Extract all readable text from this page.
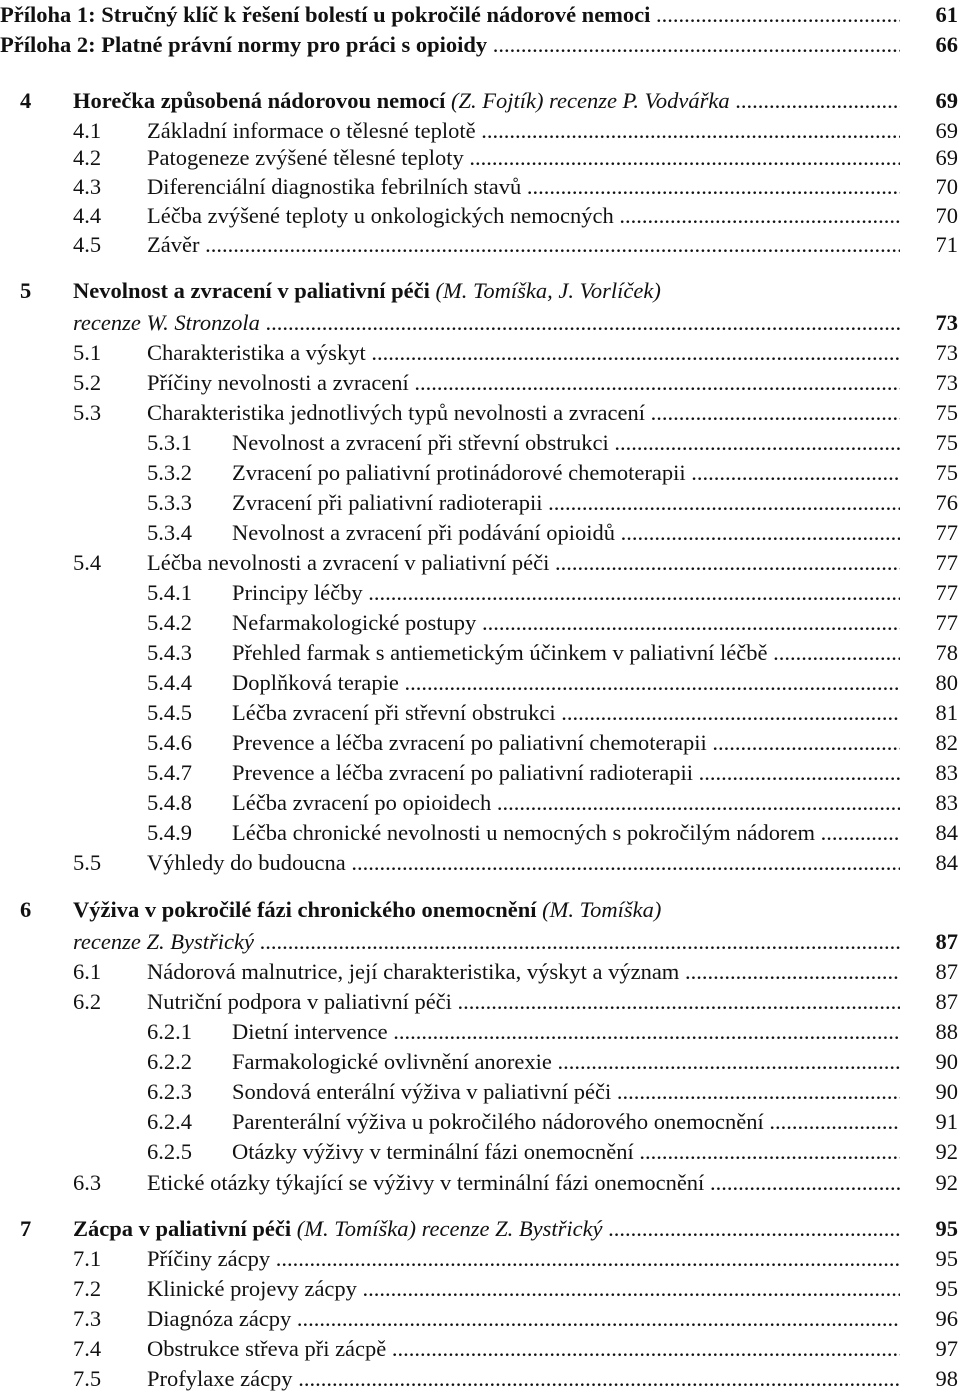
Příloha 1: Stručný klíč k řešení bolestí u pokročilé nádorové nemoci .....	61
Příloha 2: Platné právní normy pro práci s opioidy .....	66
4 Horečka způsobená nádorovou nemocí (Z. Fojtík) recenze P. Vodvářka .....	69
4.1 Základní informace o tělesné teplotě .....	69
4.2 Patogeneze zvýšené tělesné teploty .....	69
4.3 Diferenciální diagnostika febrilních stavů .....	70
4.4 Léčba zvýšené teploty u onkologických nemocných .....	70
4.5 Závěr .....	71
5 Nevolnost a zvracení v paliativní péči (M. Tomíška, J. Vorlíček)
recenze W. Stronzola .....	73
5.1 Charakteristika a výskyt .....	73
5.2 Příčiny nevolnosti a zvracení .....	73
5.3 Charakteristika jednotlivých typů nevolnosti a zvracení .....	75
5.3.1 Nevolnost a zvracení při střevní obstrukci .....	75
5.3.2 Zvracení po paliativní protinádorové chemoterapii .....	75
5.3.3 Zvracení při paliativní radioterapii .....	76
5.3.4 Nevolnost a zvracení při podávání opioidů .....	77
5.4 Léčba nevolnosti a zvracení v paliativní péči .....	77
5.4.1 Principy léčby .....	77
5.4.2 Nefarmakologické postupy .....	77
5.4.3 Přehled farmak s antiemetickým účinkem v paliativní léčbě .....	78
5.4.4 Doplňková terapie .....	80
5.4.5 Léčba zvracení při střevní obstrukci .....	81
5.4.6 Prevence a léčba zvracení po paliativní chemoterapii .....	82
5.4.7 Prevence a léčba zvracení po paliativní radioterapii .....	83
5.4.8 Léčba zvracení po opioidech .....	83
5.4.9 Léčba chronické nevolnosti u nemocných s pokročilým nádorem .....	84
5.5 Výhledy do budoucna .....	84
6 Výživa v pokročilé fázi chronického onemocnění (M. Tomíška)
recenze Z. Bystřický .....	87
6.1 Nádorová malnutrice, její charakteristika, výskyt a význam .....	87
6.2 Nutriční podpora v paliativní péči .....	87
6.2.1 Dietní intervence .....	88
6.2.2 Farmakologické ovlivnění anorexie .....	90
6.2.3 Sondová enterální výživa v paliativní péči .....	90
6.2.4 Parenterální výživa u pokročilého nádorového onemocnění .....	91
6.2.5 Otázky výživy v terminální fázi onemocnění .....	92
6.3 Etické otázky týkající se výživy v terminální fázi onemocnění .....	92
7 Zácpa v paliativní péči (M. Tomíška) recenze Z. Bystřický .....	95
7.1 Příčiny zácpy .....	95
7.2 Klinické projevy zácpy .....	95
7.3 Diagnóza zácpy .....	96
7.4 Obstrukce střeva při zácpě .....	97
7.5 Profylaxe zácpy .....	98
